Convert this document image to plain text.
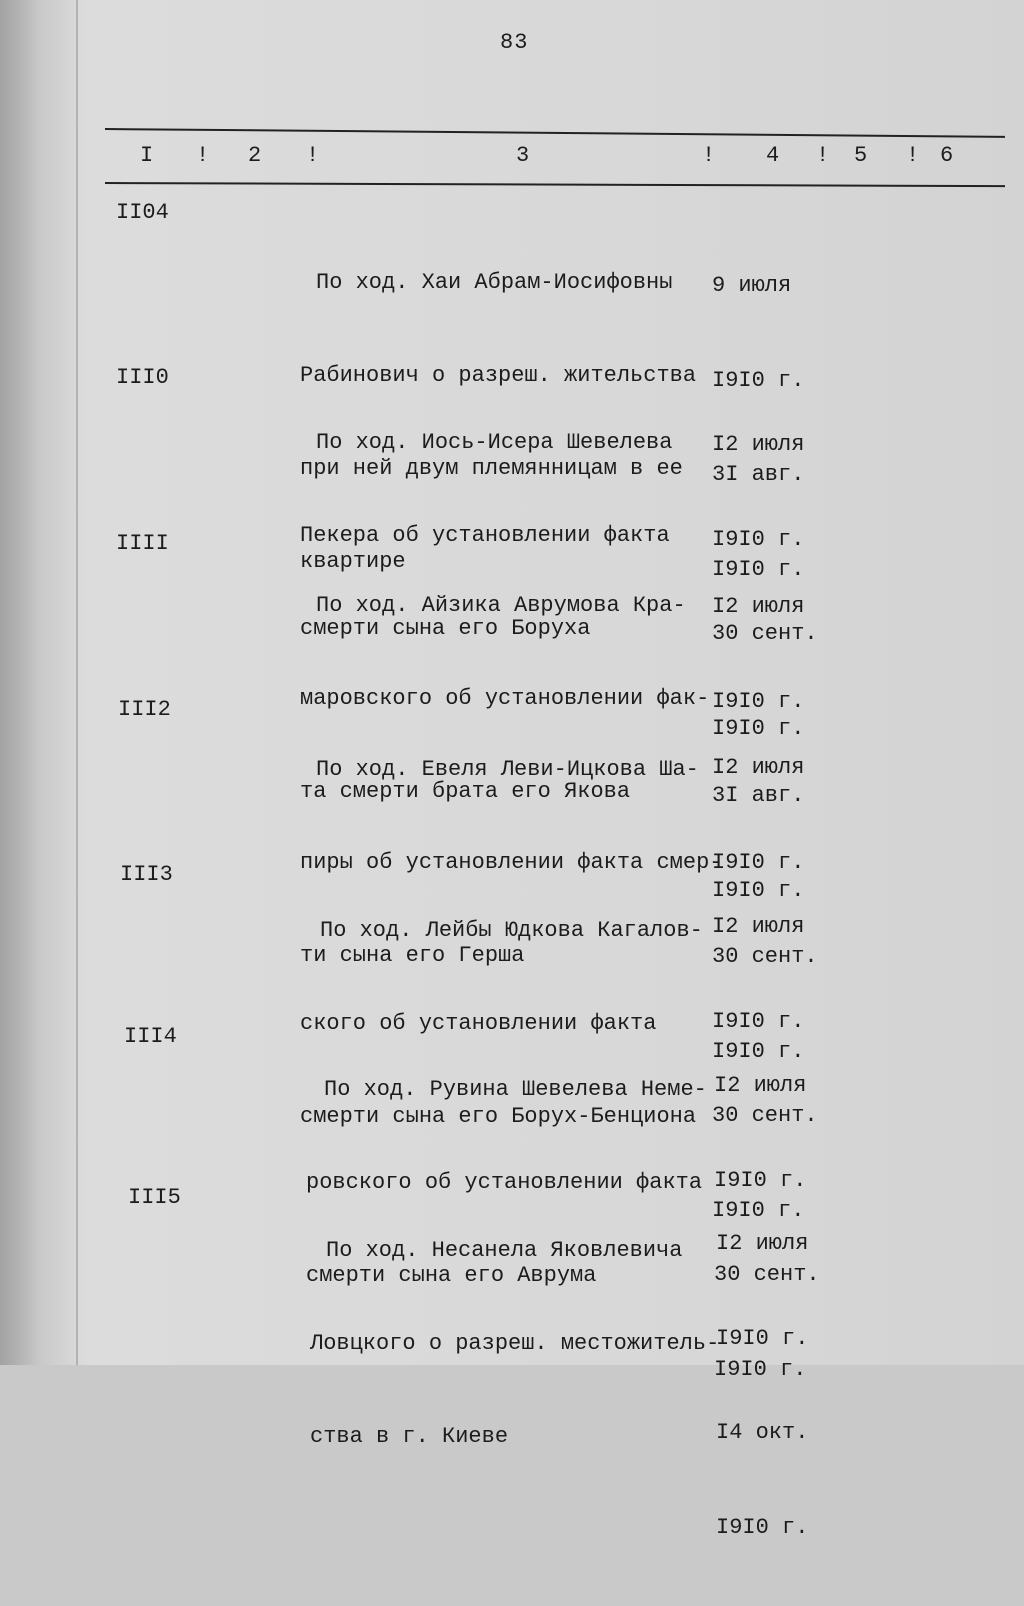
83
I ! 2 !	3	! 4 ! 5 ! 6
II04

По ход. Хаи Абрам-Иосифовны

Рабинович о разреш. жительства

при ней двум племянницам в ее

квартире

9 июля

I9I0 г.

3I авг.

I9I0 г.

III0

По ход. Иось-Исера Шевелева

Пекера об установлении факта

смерти сына его Боруха

I2 июля

I9I0 г.

30 сент.

I9I0 г.

IIII

По ход. Айзика Аврумова Кра-

маровского об установлении фак-

та смерти брата его Якова

I2 июля

I9I0 г.

3I авг.

I9I0 г.

III2

По ход. Евеля Леви-Ицкова Ша-

пиры об установлении факта смер-

ти сына его Герша

I2 июля

I9I0 г.

30 сент.

I9I0 г.

III3

По ход. Лейбы Юдкова Кагалов-

ского об установлении факта

смерти сына его Борух-Бенциона

I2 июля

I9I0 г.

30 сент.

I9I0 г.

III4

По ход. Рувина Шевелева Неме-

ровского об установлении факта

смерти сына его Аврума

I2 июля

I9I0 г.

30 сент.

I9I0 г.

III5

По ход. Несанела Яковлевича

Ловцкого о разреш. местожитель-

ства в г. Киеве

I2 июля

I9I0 г.

I4 окт.

I9I0 г.
